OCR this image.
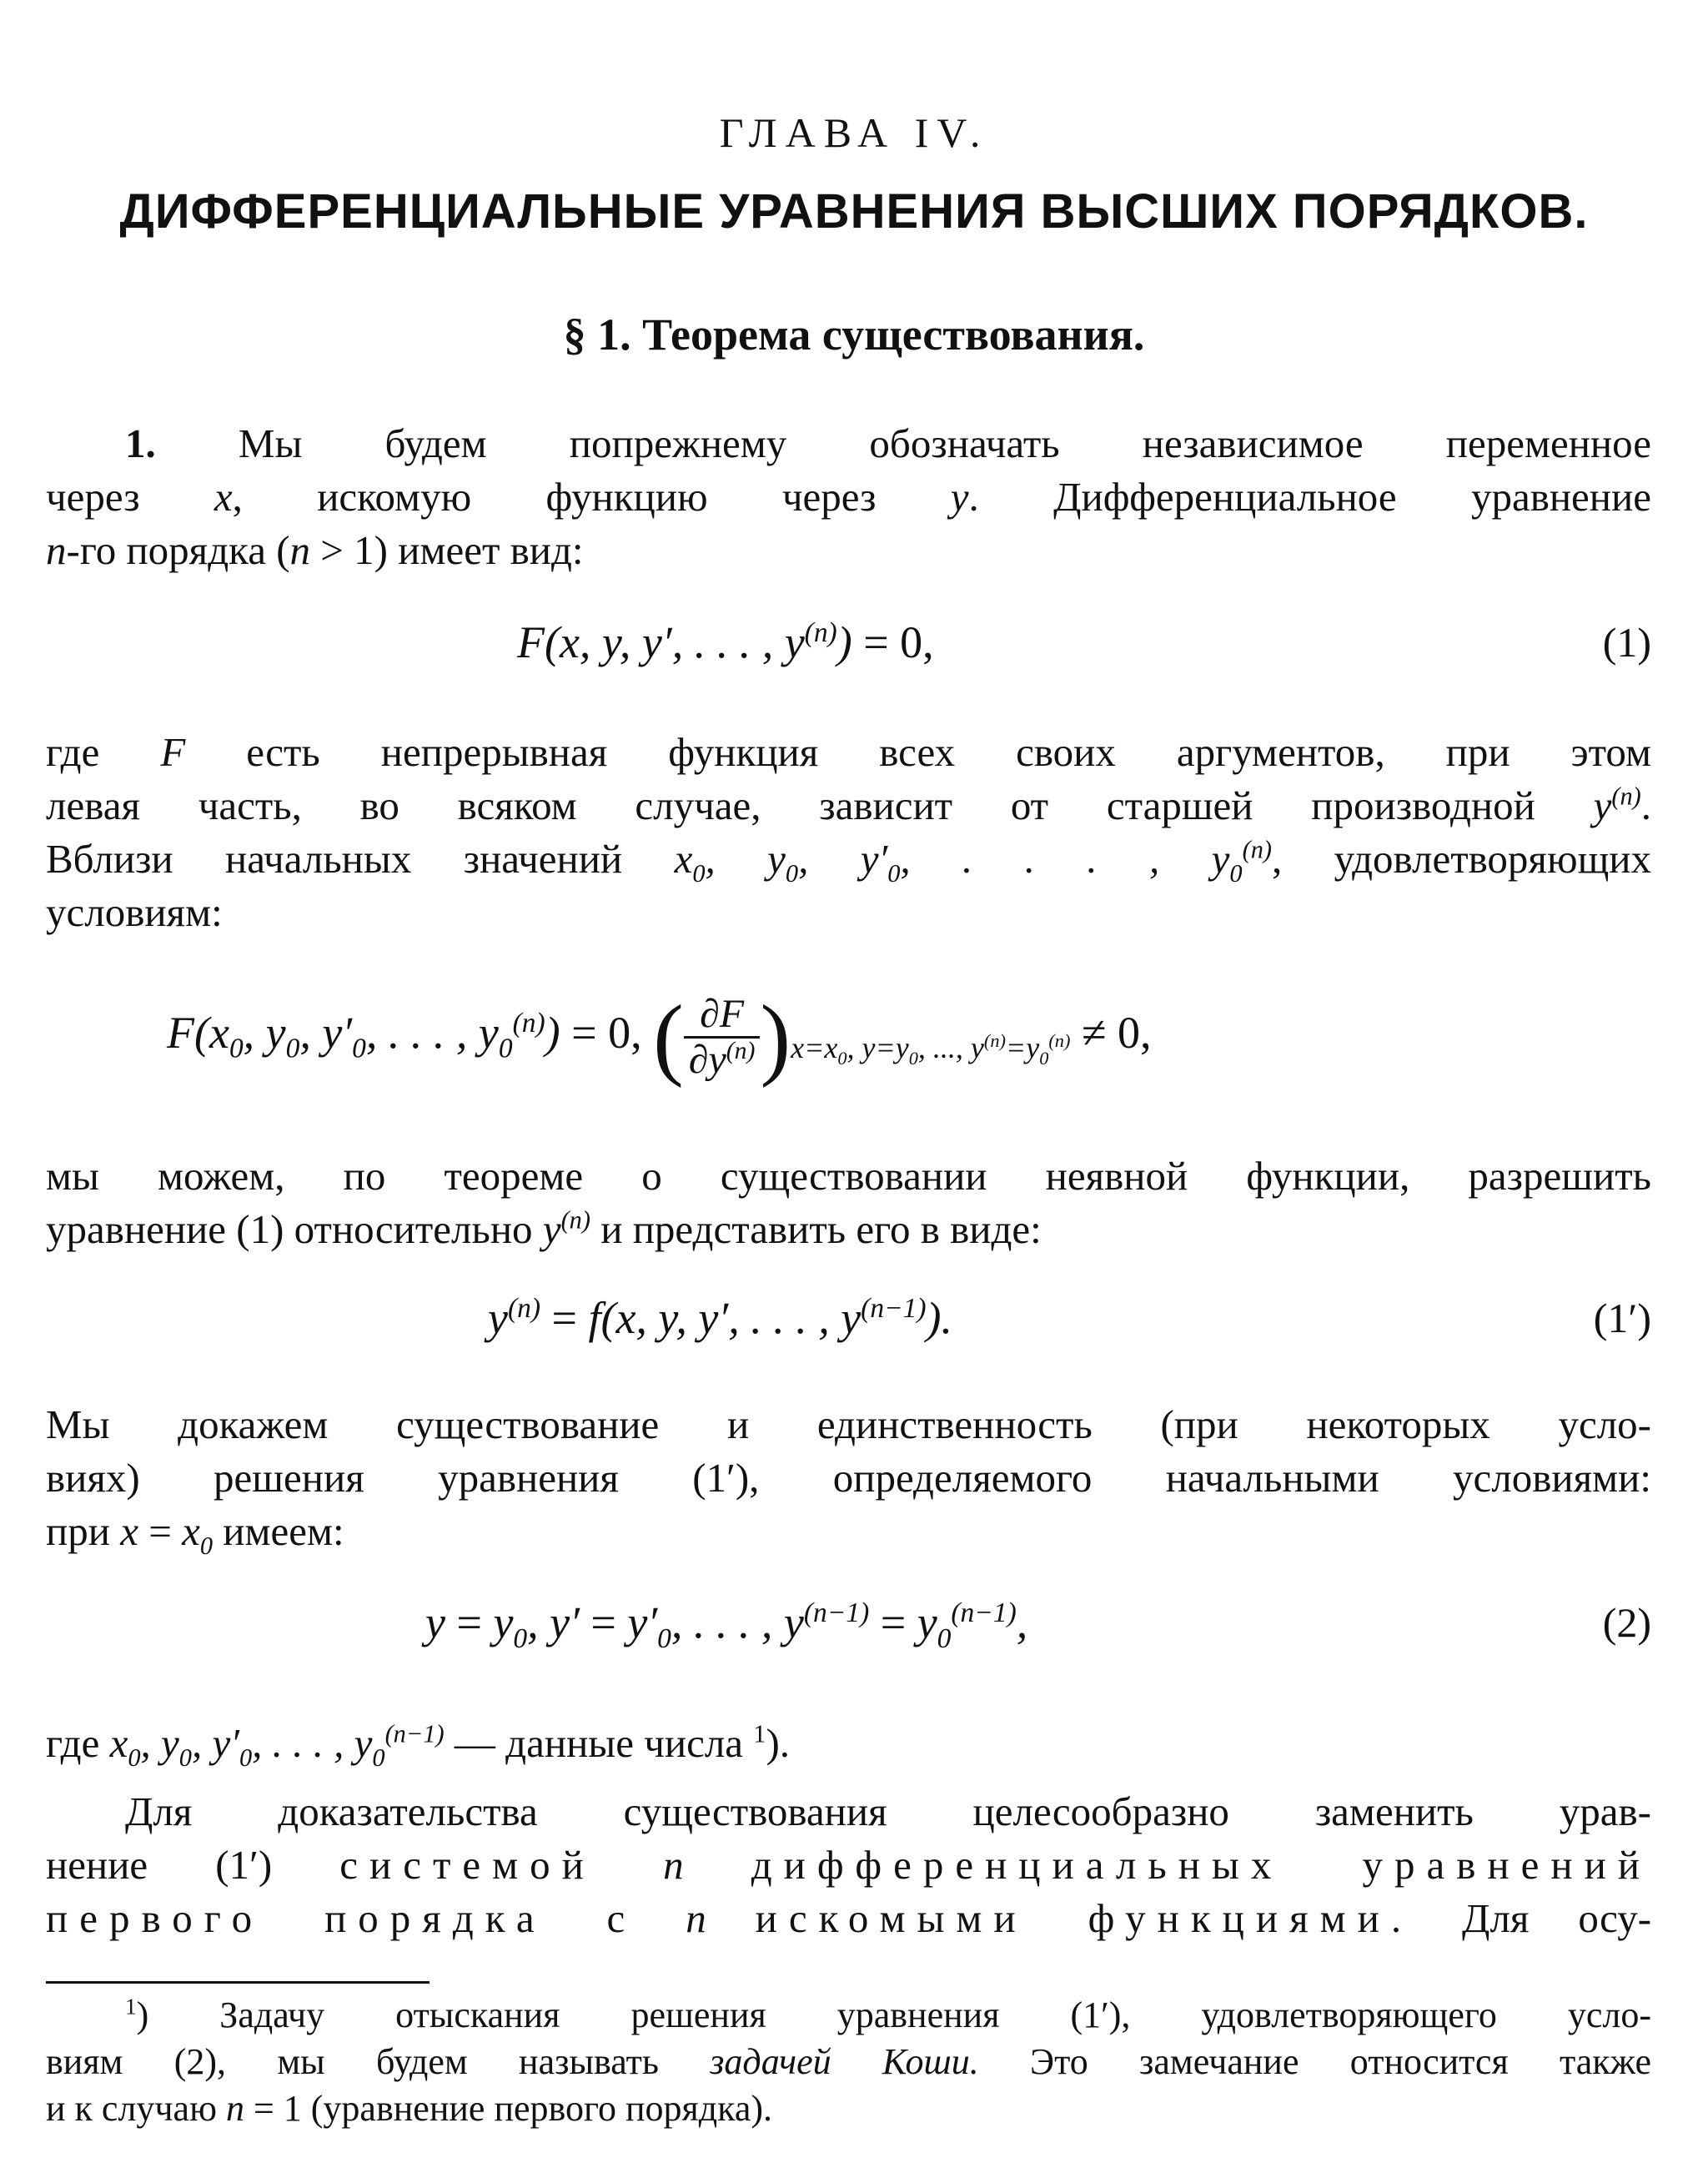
ГЛАВА IV.
ДИФФЕРЕНЦИАЛЬНЫЕ УРАВНЕНИЯ ВЫСШИХ ПОРЯДКОВ.
§ 1. Теорема существования.
1. Мы будем попрежнему обозначать независимое переменное
через x, искомую функцию через y. Дифференциальное уравнение
n-го порядка (n > 1) имеет вид:
F(x, y, y′, . . . , $y^{(n)}) = 0$,	(1)
где F есть непрерывная функция всех своих аргументов, при этом
левая часть, во всяком случае, зависит от старшей производной $y^{(n)}$.
Вблизи начальных значений $x_0$, $y_0$, $y'_0$, . . . , $y_0^{(n)}$, удовлетворяющих
условиям:
$F(x_0$, $y_0$, $y'_0$, . . . , $y_0^{(n)}) = 0$, ( $\frac{\partial F}{\partial y^{(n)}} )_{x=x_0, y=y_0, ..., y^{(n)}=y_0^{(n)}} \ne 0$,
мы можем, по теореме о существовании неявной функции, разрешить
уравнение (1) относительно $y^{(n)}$ и представить его в виде:
$y^{(n)} = f(x$, y, y′, . . . , $y^{(n-1)}$).	(1′)
Мы докажем существование и единственность (при некоторых усло-
виях) решения уравнения (1′), определяемого начальными условиями:
при $x = x_0$ имеем:
$y = y_0$, $y' = y'_0$, . . . , $y^{(n-1)} = y_0^{(n-1)}$,	(2)
где $x_0$, $y_0$, $y'_0$, . . . , $y_0^{(n-1)}$ — данные числа $^1$).
Для доказательства существования целесообразно заменить урав-
нение (1′) системой n дифференциальных уравнений
первого порядка с n искомыми функциями. Для осу-
$^1$) Задачу отыскания решения уравнения (1′), удовлетворяющего усло-
виям (2), мы будем называть задачей Коши. Это замечание относится также
и к случаю n = 1 (уравнение первого порядка).
